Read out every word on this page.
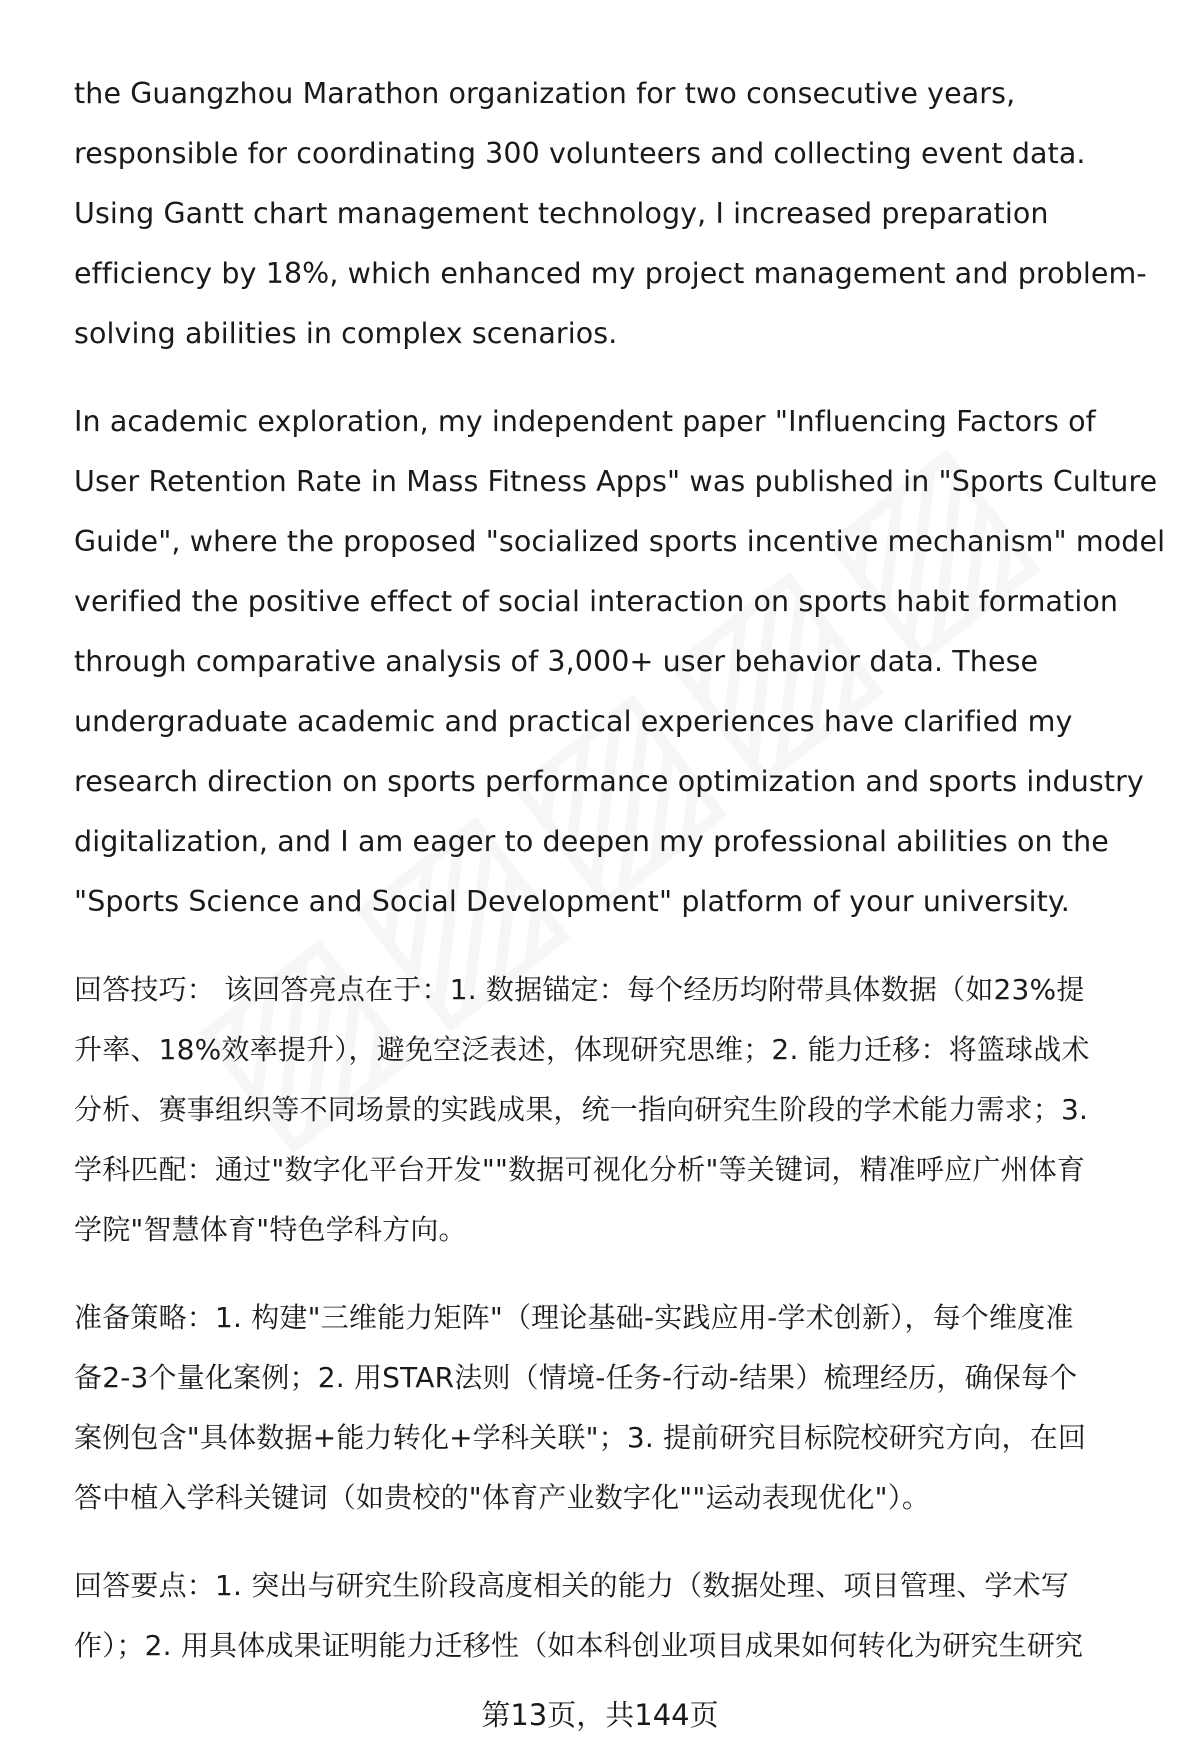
the Guangzhou Marathon organization for two consecutive years,
responsible for coordinating 300 volunteers and collecting event data.
Using Gantt chart management technology, I increased preparation
efficiency by 18%, which enhanced my project management and problem-
solving abilities in complex scenarios.

In academic exploration, my independent paper "Influencing Factors of
User Retention Rate in Mass Fitness Apps" was published in "Sports Culture
Guide", where the proposed "socialized sports incentive mechanism" model
verified the positive effect of social interaction on sports habit formation
through comparative analysis of 3,000+ user behavior data. These
undergraduate academic and practical experiences have clarified my
research direction on sports performance optimization and sports industry
digitalization, and I am eager to deepen my professional abilities on the
"Sports Science and Social Development" platform of your university.

回答技巧： 该回答亮点在于：1. 数据锚定：每个经历均附带具体数据（如23%提
升率、18%效率提升），避免空泛表述，体现研究思维；2. 能力迁移：将篮球战术
分析、赛事组织等不同场景的实践成果，统一指向研究生阶段的学术能力需求；3.
学科匹配：通过"数字化平台开发""数据可视化分析"等关键词，精准呼应广州体育
学院"智慧体育"特色学科方向。

准备策略：1. 构建"三维能力矩阵"（理论基础-实践应用-学术创新），每个维度准
备2-3个量化案例；2. 用STAR法则（情境-任务-行动-结果）梳理经历，确保每个
案例包含"具体数据+能力转化+学科关联"；3. 提前研究目标院校研究方向，在回
答中植入学科关键词（如贵校的"体育产业数字化""运动表现优化"）。

回答要点：1. 突出与研究生阶段高度相关的能力（数据处理、项目管理、学术写
作）；2. 用具体成果证明能力迁移性（如本科创业项目成果如何转化为研究生研究

第13页，共144页
